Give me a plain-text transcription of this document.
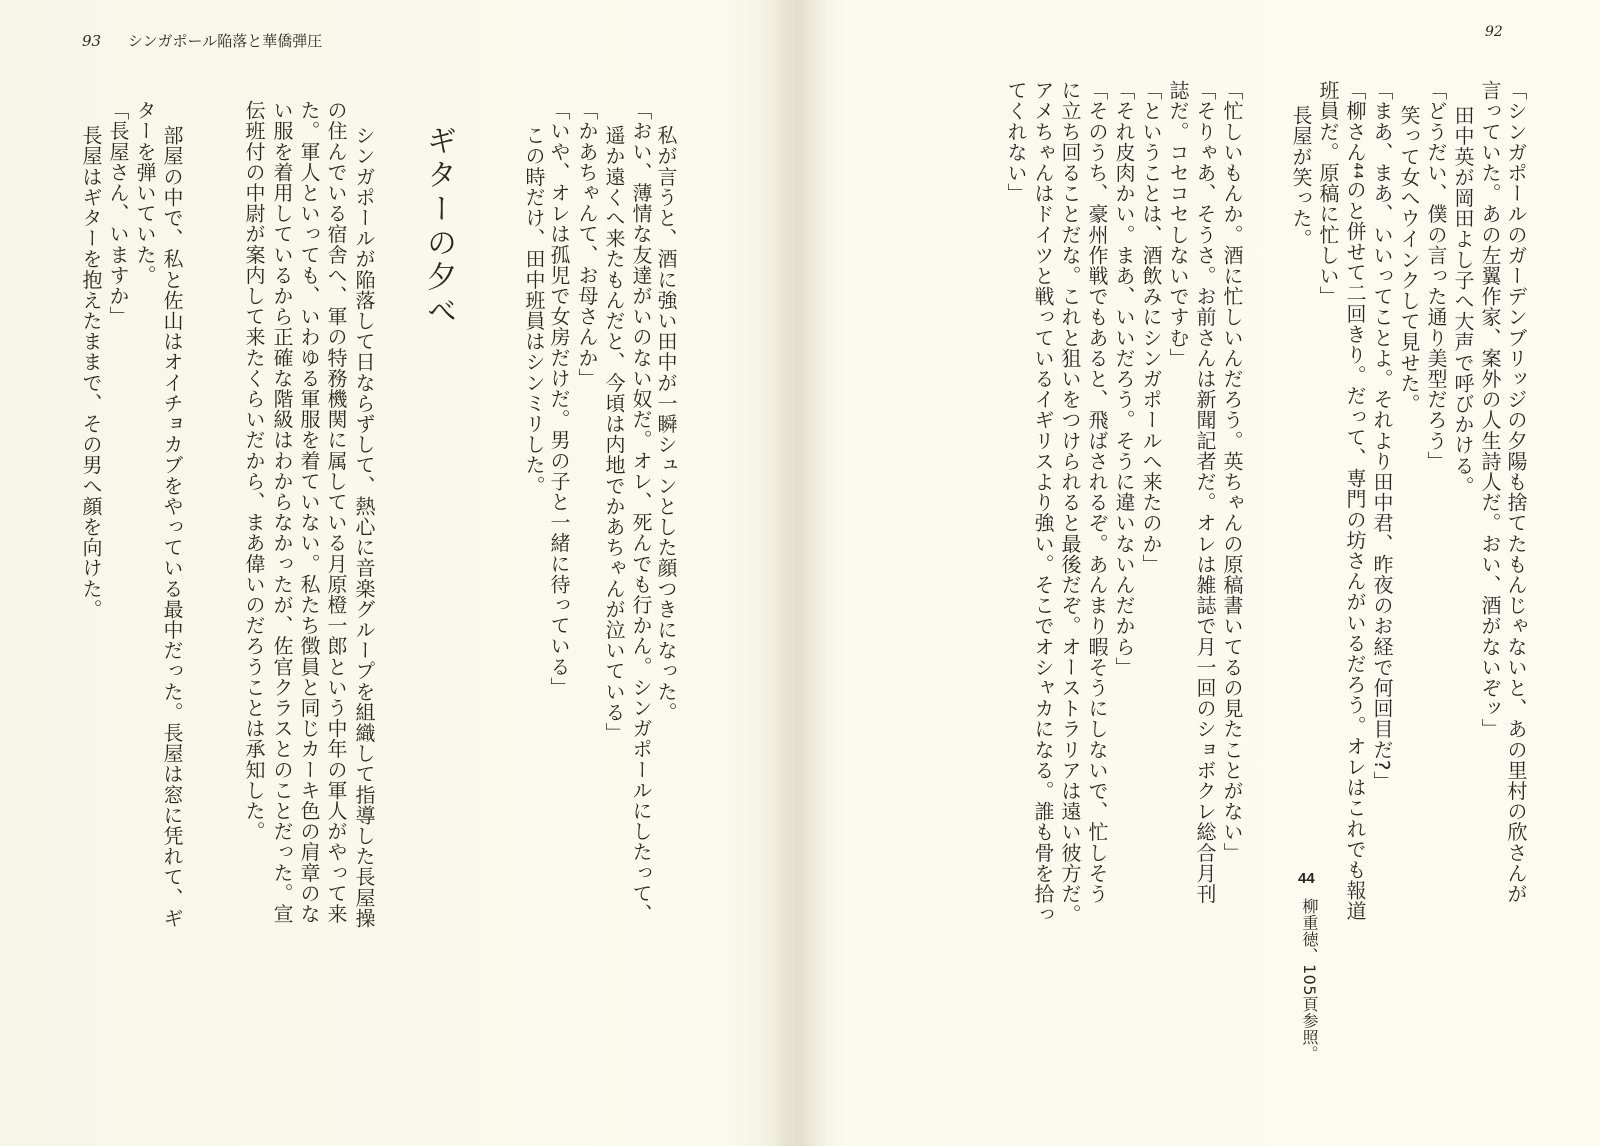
93 シンガポール陥落と華僑弾圧
私が言うと、酒に強い田中が一瞬シュンとした顔つきになった。
「おい、薄情な友達がいのない奴だ。オレ、死んでも行かん。シンガポールにしたって、
遥か遠くへ来たもんだと、今頃は内地でかあちゃんが泣いている」
「かあちゃんて、お母さんか」
「いや、オレは孤児で女房だけだ。男の子と一緒に待っている」
この時だけ、田中班員はシンミリした。
ギターの夕べ
シンガポールが陥落して日ならずして、熱心に音楽グループを組織して指導した長屋操
の住んでいる宿舎へ、軍の特務機関に属している月原橙一郎という中年の軍人がやって来
た。軍人といっても、いわゆる軍服を着ていない。私たち徴員と同じカーキ色の肩章のな
い服を着用しているから正確な階級はわからなかったが、佐官クラスとのことだった。宣
伝班付の中尉が案内して来たくらいだから、まあ偉いのだろうことは承知した。
部屋の中で、私と佐山はオイチョカブをやっている最中だった。長屋は窓に凭れて、ギ
ターを弾いていた。
「長屋さん、いますか」
長屋はギターを抱えたままで、その男へ顔を向けた。
92
「シンガポールのガーデンブリッジの夕陽も捨てたもんじゃないと、あの里村の欣さんが
言っていた。あの左翼作家、案外の人生詩人だ。おい、酒がないぞッ」
田中英が岡田よし子へ大声で呼びかける。
「どうだい、僕の言った通り美型だろう」
笑って女へウインクして見せた。
「まあ、まあ、いいってことよ。それより田中君、昨夜のお経で何回目だ?」
「柳さん⁴⁴のと併せて二回きり。だって、専門の坊さんがいるだろう。オレはこれでも報道
班員だ。原稿に忙しい」
長屋が笑った。
「忙しいもんか。酒に忙しいんだろう。英ちゃんの原稿書いてるの見たことがない」
「そりゃあ、そうさ。お前さんは新聞記者だ。オレは雑誌で月一回のショボクレ総合月刊
誌だ。コセコセしないですむ」
「ということは、酒飲みにシンガポールへ来たのか」
「それ皮肉かい。まあ、いいだろう。そうに違いないんだから」
「そのうち、豪州作戦でもあると、飛ばされるぞ。あんまり暇そうにしないで、忙しそう
に立ち回ることだな。これと狙いをつけられると最後だぞ。オーストラリアは遠い彼方だ。
アメちゃんはドイツと戦っているイギリスより強い。そこでオシャカになる。誰も骨を拾っ
てくれない」
44
柳重徳、105頁参照。
